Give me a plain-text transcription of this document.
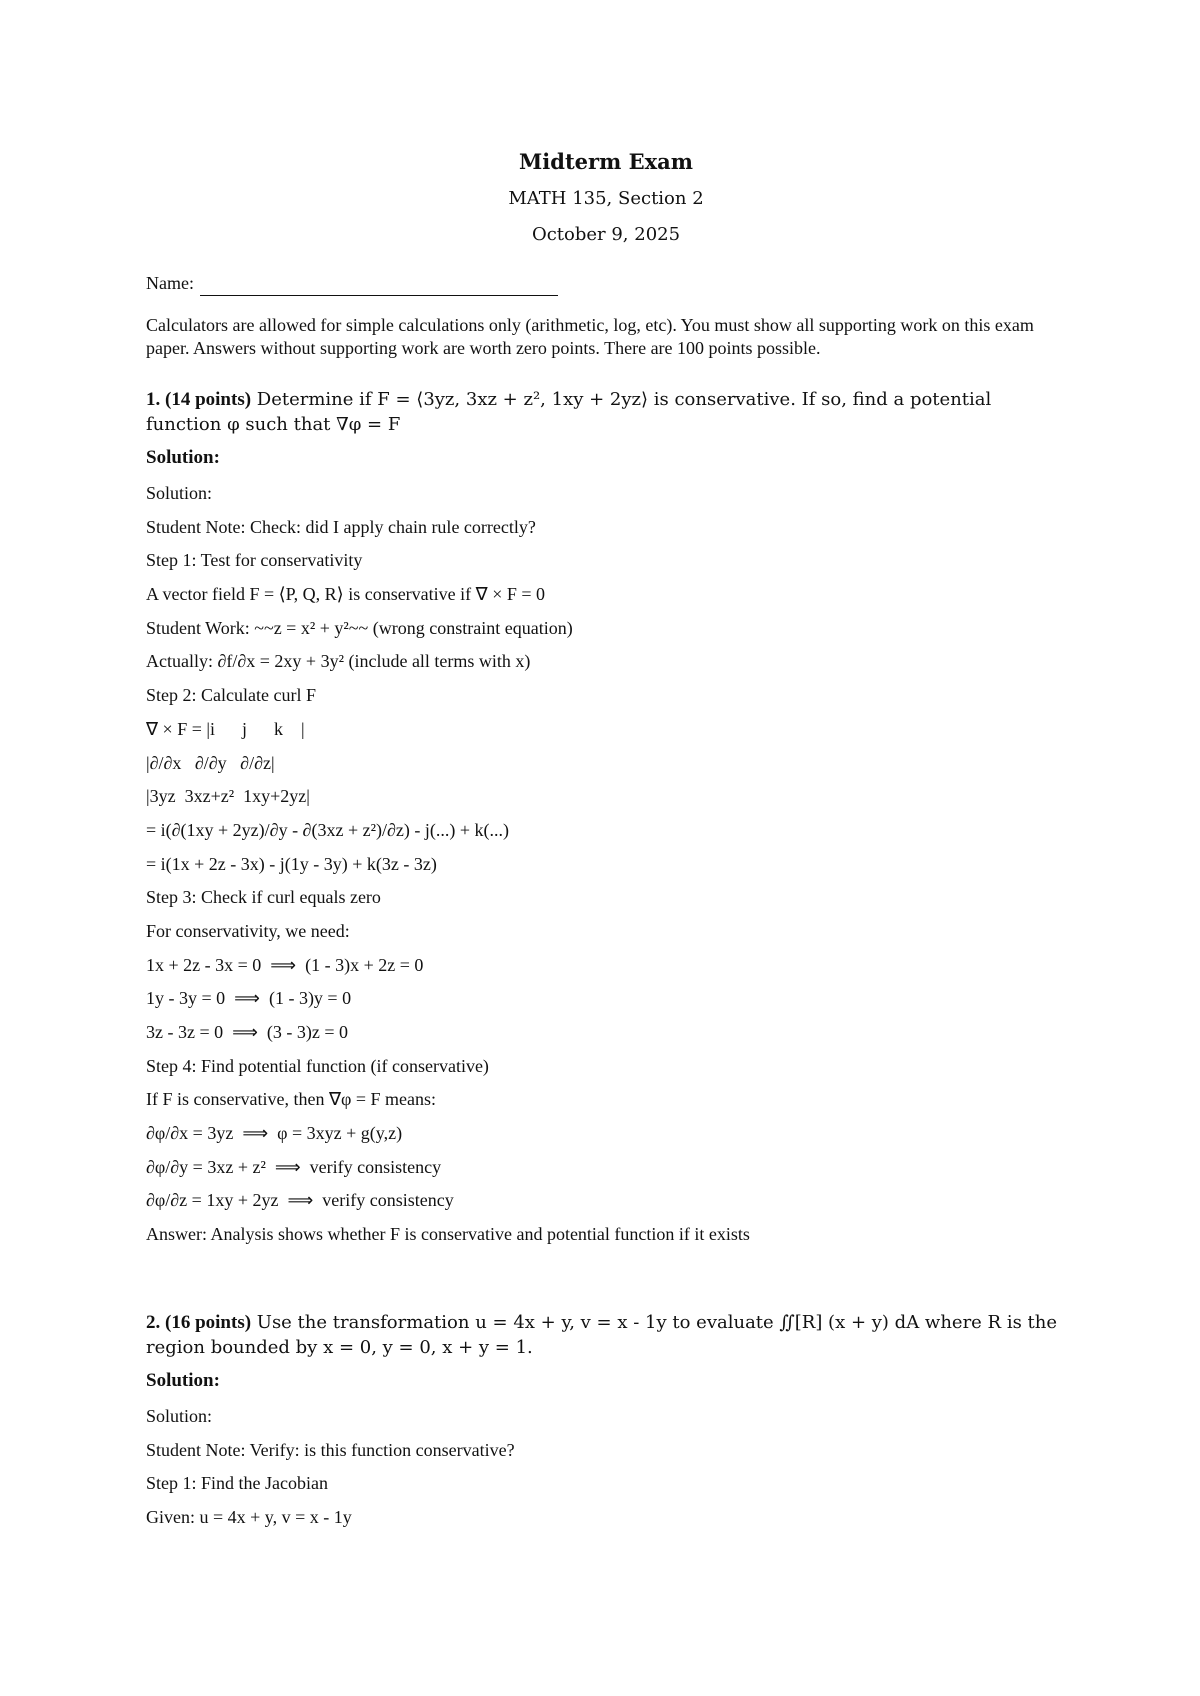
Midterm Exam
MATH 135, Section 2
October 9, 2025
Name:
Calculators are allowed for simple calculations only (arithmetic, log, etc). You must show all supporting work on this exam paper. Answers without supporting work are worth zero points. There are 100 points possible.
1. (14 points) Determine if F = ⟨3yz, 3xz + z², 1xy + 2yz⟩ is conservative. If so, find a potential function φ such that ∇φ = F
Solution:
Solution:
Student Note: Check: did I apply chain rule correctly?
Step 1: Test for conservativity
A vector field F = ⟨P, Q, R⟩ is conservative if ∇ × F = 0
Student Work: ~~z = x² + y²~~ (wrong constraint equation)
Actually: ∂f/∂x = 2xy + 3y² (include all terms with x)
Step 2: Calculate curl F
∇ × F = |i      j      k    |
|∂/∂x   ∂/∂y   ∂/∂z|
|3yz  3xz+z²  1xy+2yz|
= i(∂(1xy + 2yz)/∂y - ∂(3xz + z²)/∂z) - j(...) + k(...)
= i(1x + 2z - 3x) - j(1y - 3y) + k(3z - 3z)
Step 3: Check if curl equals zero
For conservativity, we need:
1x + 2z - 3x = 0  ⟹  (1 - 3)x + 2z = 0
1y - 3y = 0  ⟹  (1 - 3)y = 0
3z - 3z = 0  ⟹  (3 - 3)z = 0
Step 4: Find potential function (if conservative)
If F is conservative, then ∇φ = F means:
∂φ/∂x = 3yz  ⟹  φ = 3xyz + g(y,z)
∂φ/∂y = 3xz + z²  ⟹  verify consistency
∂φ/∂z = 1xy + 2yz  ⟹  verify consistency
Answer: Analysis shows whether F is conservative and potential function if it exists
2. (16 points) Use the transformation u = 4x + y, v = x - 1y to evaluate ∬[R] (x + y) dA where R is the region bounded by x = 0, y = 0, x + y = 1.
Solution:
Solution:
Student Note: Verify: is this function conservative?
Step 1: Find the Jacobian
Given: u = 4x + y, v = x - 1y
